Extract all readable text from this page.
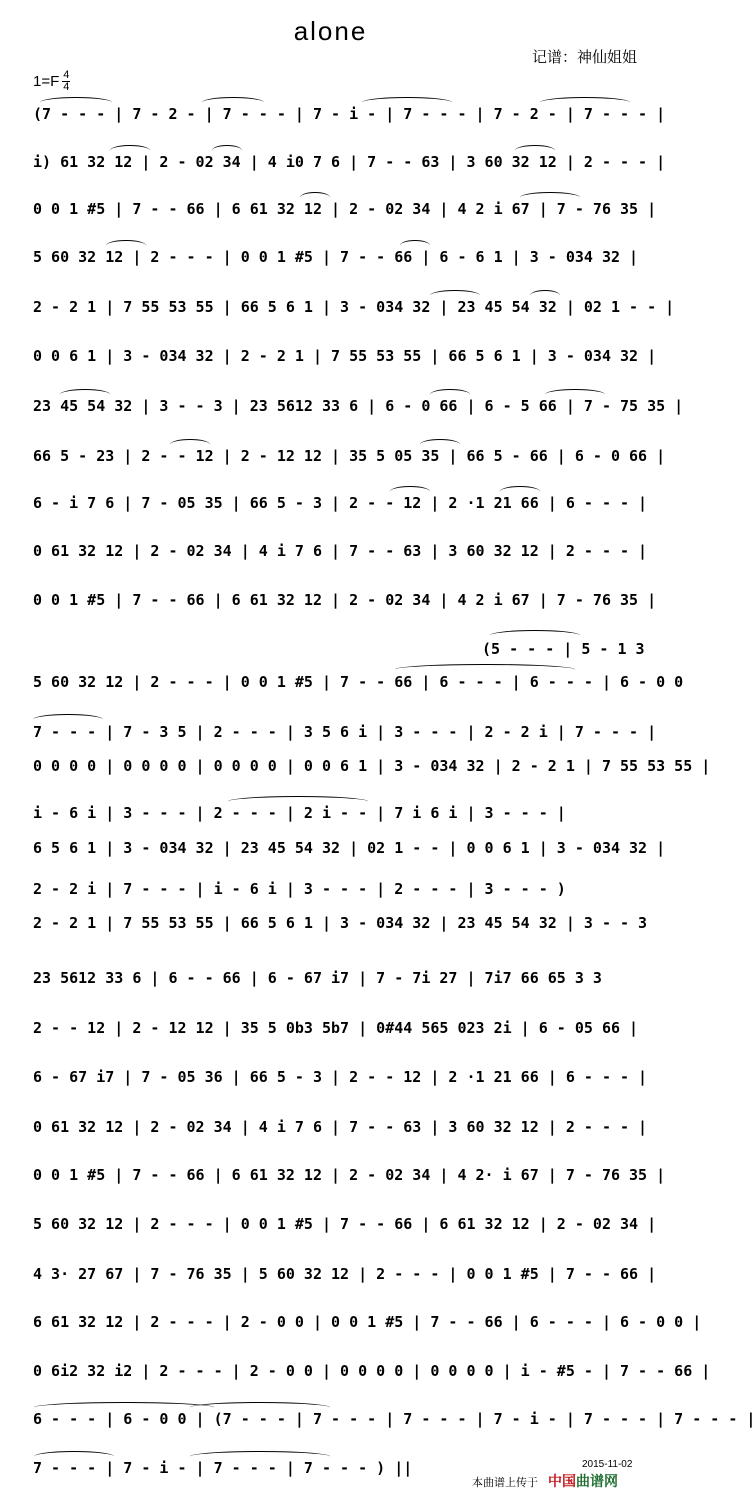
alone
记谱：神仙姐姐
$1=F \frac{4}{4}$
(7 - - - | 7 - 2 - | 7 - - - | 7 - i - | 7 - - - | 7 - 2 - | 7 - - - |
i) 61 32 12 | 2 - 02 34 | 4 i0 7 6 | 7 - - 63 | 3 60 32 12 | 2 - - - |
0 0 1 #5 | 7 - - 66 | 6 61 32 12 | 2 - 02 34 | 4 2 i 67 | 7 - 76 35 |
5 60 32 12 | 2 - - - | 0 0 1 #5 | 7 - - 66 | 6 - 6 1 | 3 - 034 32 |
2 - 2 1 | 7 55 53 55 | 66 5 6 1 | 3 - 034 32 | 23 45 54 32 | 02 1 - - |
0 0 6 1 | 3 - 034 32 | 2 - 2 1 | 7 55 53 55 | 66 5 6 1 | 3 - 034 32 |
23 45 54 32 | 3 - - 3 | 23 5612 33 6 | 6 - 0 66 | 6 - 5 66 | 7 - 75 35 |
66 5 - 23 | 2 - - 12 | 2 - 12 12 | 35 5 05 35 | 66 5 - 66 | 6 - 0 66 |
6 - i 7 6 | 7 - 05 35 | 66 5 - 3 | 2 - - 12 | 2 ·1 21 66 | 6 - - - |
0 61 32 12 | 2 - 02 34 | 4 i 7 6 | 7 - - 63 | 3 60 32 12 | 2 - - - |
0 0 1 #5 | 7 - - 66 | 6 61 32 12 | 2 - 02 34 | 4 2 i 67 | 7 - 76 35 |
(5 - - - | 5 - 1 3
5 60 32 12 | 2 - - - | 0 0 1 #5 | 7 - - 66 | 6 - - - | 6 - - - | 6 - 0 0
7 - - - | 7 - 3 5 | 2 - - - | 3 5 6 i | 3 - - - | 2 - 2 i | 7 - - - |
0 0 0 0 | 0 0 0 0 | 0 0 0 0 | 0 0 6 1 | 3 - 034 32 | 2 - 2 1 | 7 55 53 55 |
i - 6 i | 3 - - - | 2 - - - | 2 i - - | 7 i 6 i | 3 - - - |
6 5 6 1 | 3 - 034 32 | 23 45 54 32 | 02 1 - - | 0 0 6 1 | 3 - 034 32 |
2 - 2 i | 7 - - - | i - 6 i | 3 - - - | 2 - - - | 3 - - - )
2 - 2 1 | 7 55 53 55 | 66 5 6 1 | 3 - 034 32 | 23 45 54 32 | 3 - - 3
23 5612 33 6 | 6 - - 66 | 6 - 67 i7 | 7 - 7i 27 | 7i7 66 65 3 3
2 - - 12 | 2 - 12 12 | 35 5 0b3 5b7 | 0#44 565 023 2i | 6 - 05 66 |
6 - 67 i7 | 7 - 05 36 | 66 5 - 3 | 2 - - 12 | 2 ·1 21 66 | 6 - - - |
0 61 32 12 | 2 - 02 34 | 4 i 7 6 | 7 - - 63 | 3 60 32 12 | 2 - - - |
0 0 1 #5 | 7 - - 66 | 6 61 32 12 | 2 - 02 34 | 4 2· i 67 | 7 - 76 35 |
5 60 32 12 | 2 - - - | 0 0 1 #5 | 7 - - 66 | 6 61 32 12 | 2 - 02 34 |
4 3· 27 67 | 7 - 76 35 | 5 60 32 12 | 2 - - - | 0 0 1 #5 | 7 - - 66 |
6 61 32 12 | 2 - - - | 2 - 0 0 | 0 0 1 #5 | 7 - - 66 | 6 - - - | 6 - 0 0 |
0 6i2 32 i2 | 2 - - - | 2 - 0 0 | 0 0 0 0 | 0 0 0 0 | i - #5 - | 7 - - 66 |
6 - - - | 6 - 0 0 | (7 - - - | 7 - - - | 7 - - - | 7 - i - | 7 - - - | 7 - - - |
7 - - - | 7 - i - | 7 - - - | 7 - - - ) ||	2015-11-02
本曲谱上传于 中国曲谱网
